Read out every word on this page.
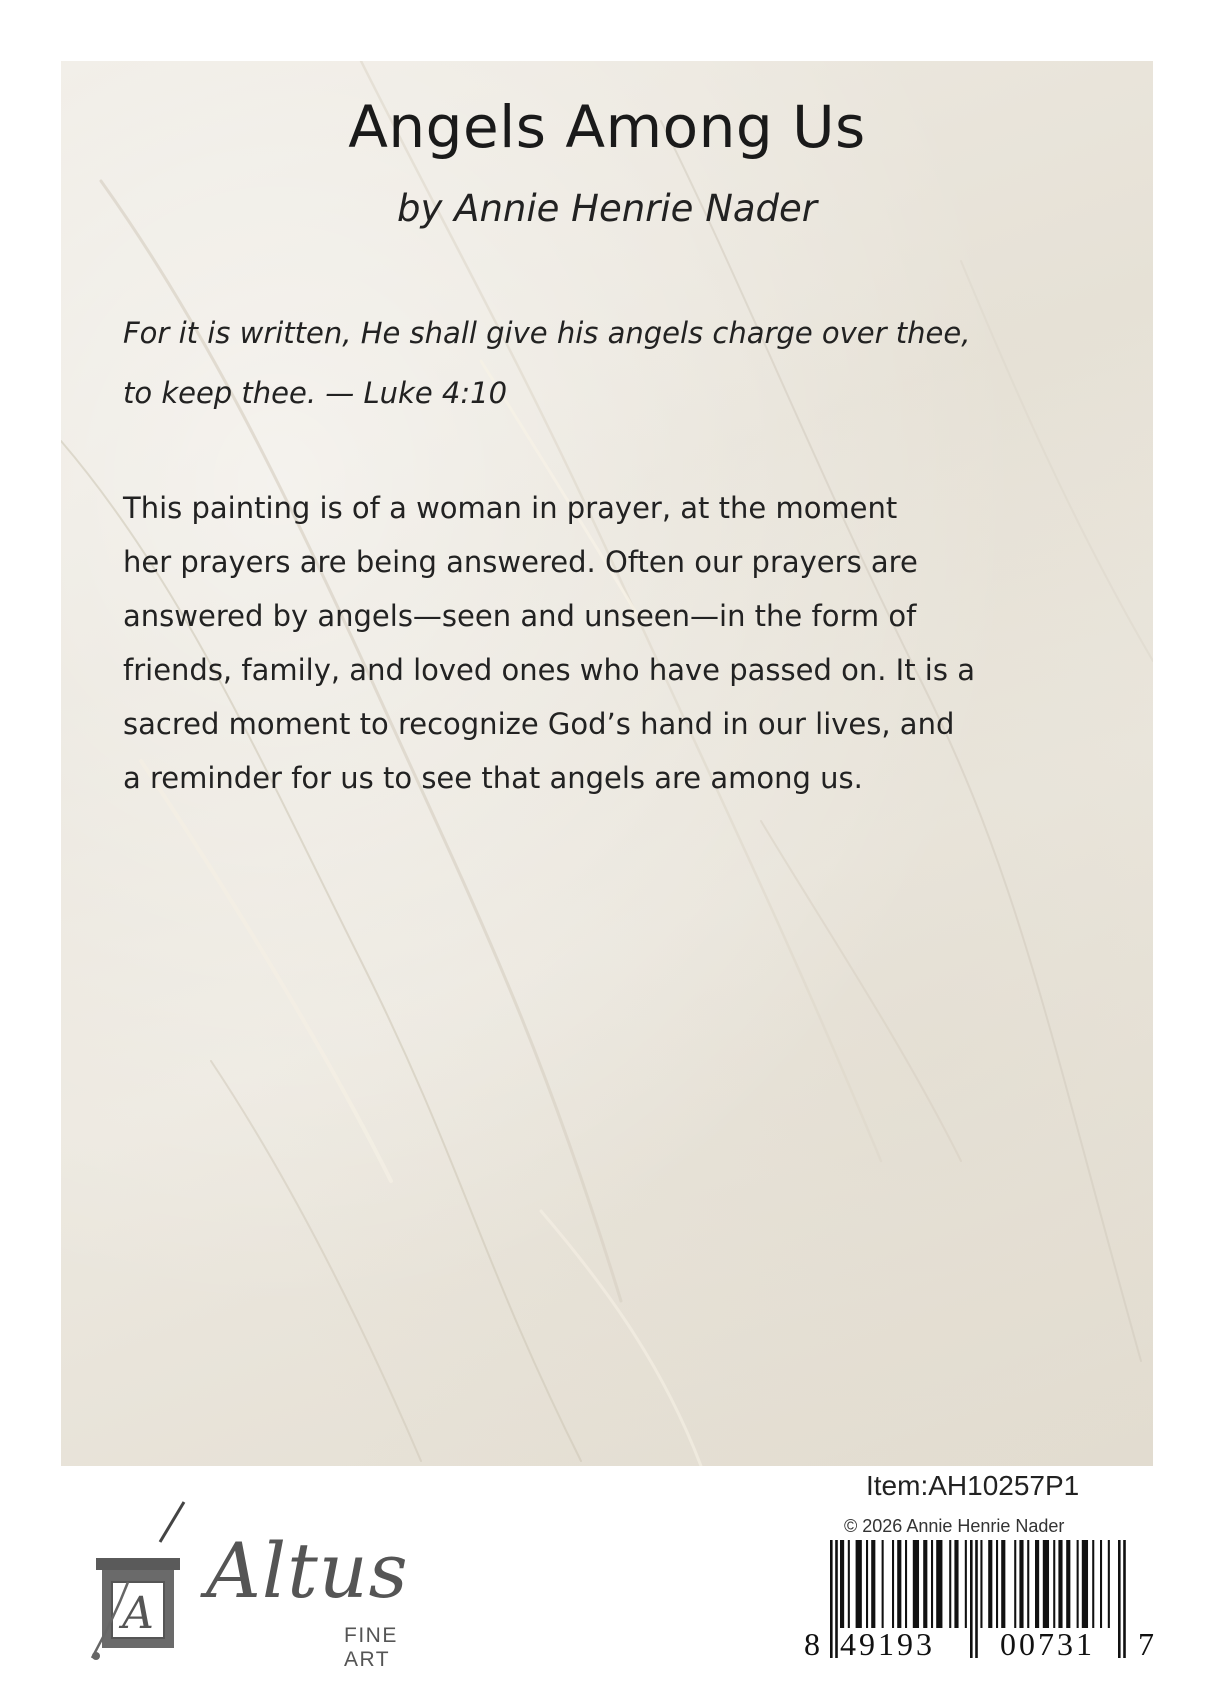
Angels Among Us
by Annie Henrie Nader
For it is written, He shall give his angels charge over thee,
to keep thee. — Luke 4:10
This painting is of a woman in prayer, at the moment
her prayers are being answered. Often our prayers are
answered by angels—seen and unseen—in the form of
friends, family, and loved ones who have passed on. It is a
sacred moment to recognize God’s hand in our lives, and
a reminder for us to see that angels are among us.
A Altus
FINE ART
Item:AH10257P1
© 2026 Annie Henrie Nader
8 49193 00731 7
